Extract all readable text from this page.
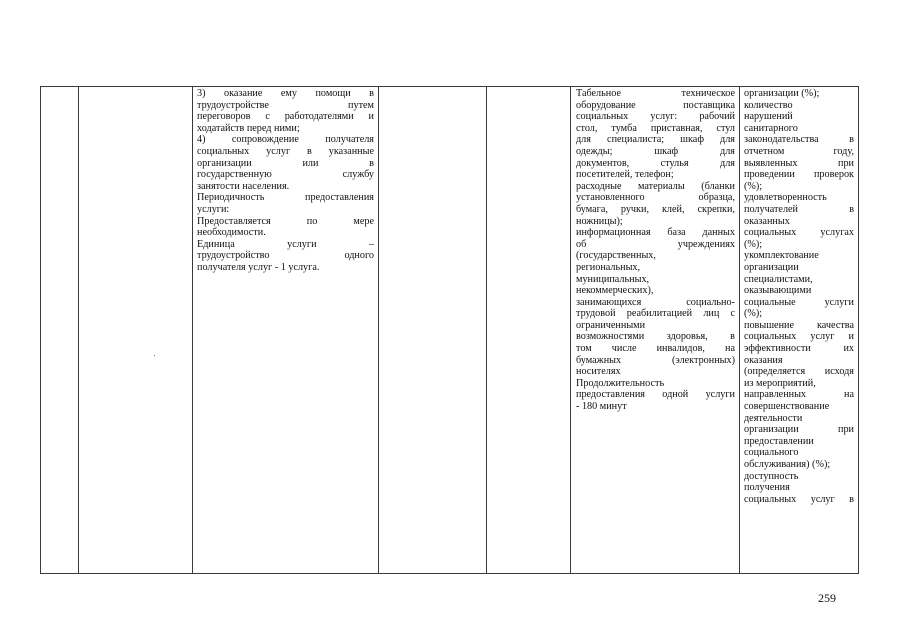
3) оказание ему помощи в
трудоустройстве путем
переговоров с работодателями и
ходатайств перед ними;
4) сопровождение получателя
социальных услуг в указанные
организации или в
государственную службу
занятости населения.
Периодичность предоставления
услуги:
Предоставляется по мере
необходимости.
Единица услуги –
трудоустройство одного
получателя услуг - 1 услуга.
Табельное техническое
оборудование поставщика
социальных услуг: рабочий
стол, тумба приставная, стул
для специалиста; шкаф для
одежды; шкаф для
документов, стулья для
посетителей, телефон;
расходные материалы (бланки
установленного образца,
бумага, ручки, клей, скрепки,
ножницы);
информационная база данных
об учреждениях
(государственных,
региональных,
муниципальных,
некоммерческих),
занимающихся социально-
трудовой реабилитацией лиц с
ограниченными
возможностями здоровья, в
том числе инвалидов, на
бумажных (электронных)
носителях
Продолжительность
предоставления одной услуги
- 180 минут
организации (%);
количество
нарушений
санитарного
законодательства в
отчетном году,
выявленных при
проведении проверок
(%);
удовлетворенность
получателей в
оказанных
социальных услугах
(%);
укомплектование
организации
специалистами,
оказывающими
социальные услуги
(%);
повышение качества
социальных услуг и
эффективности их
оказания
(определяется исходя
из мероприятий,
направленных на
совершенствование
деятельности
организации при
предоставлении
социального
обслуживания) (%);
доступность
получения
социальных услуг в
259
